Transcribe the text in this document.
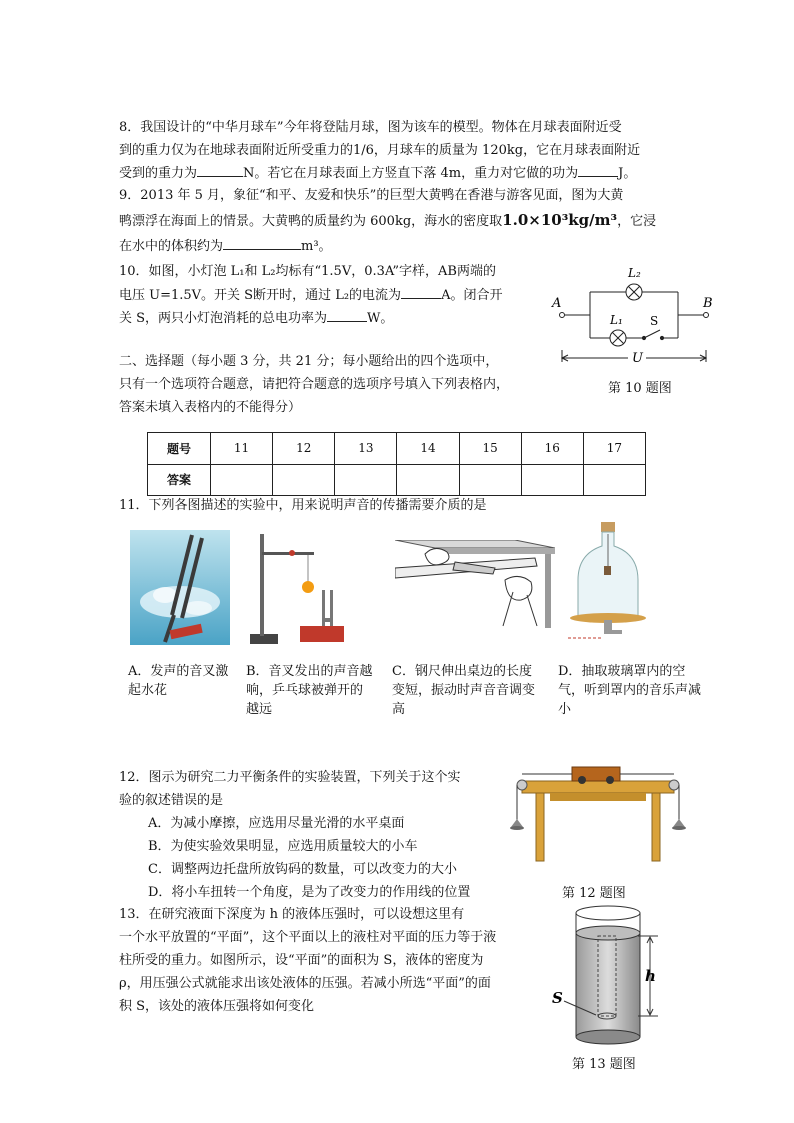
8．我国设计的“中华月球车”今年将登陆月球，图为该车的模型。物体在月球表面附近受
到的重力仅为在地球表面附近所受重力的1/6，月球车的质量为 120kg，它在月球表面附近
受到的重力为	N。若它在月球表面上方竖直下落 4m，重力对它做的功为	J。
9．2013 年 5 月，象征“和平、友爱和快乐”的巨型大黄鸭在香港与游客见面，图为大黄
鸭漂浮在海面上的情景。大黄鸭的质量约为 600kg，海水的密度取1.0×10³kg/m³，它浸
在水中的体积约为	m³。
10．如图，小灯泡 L₁和 L₂均标有“1.5V，0.3A”字样，AB两端的
电压 U=1.5V。开关 S断开时，通过 L₂的电流为	A。闭合开
关 S，两只小灯泡消耗的总电功率为	W。
A	B
L₂
L₁ S
U
第 10 题图
二、选择题（每小题 3 分，共 21 分；每小题给出的四个选项中，
只有一个选项符合题意，请把符合题意的选项序号填入下列表格内，
答案未填入表格内的不能得分）
题号	11	12	13	14	15	16	17
答案							
11．下列各图描述的实验中，用来说明声音的传播需要介质的是
A．发声的音叉激起水花
B．音叉发出的声音越响，乒乓球被弹开的越远
C．钢尺伸出桌边的长度变短，振动时声音音调变高
D．抽取玻璃罩内的空气，听到罩内的音乐声减小
12．图示为研究二力平衡条件的实验装置，下列关于这个实
验的叙述错误的是
A．为减小摩擦，应选用尽量光滑的水平桌面
B．为使实验效果明显，应选用质量较大的小车
C．调整两边托盘所放钩码的数量，可以改变力的大小
D．将小车扭转一个角度，是为了改变力的作用线的位置	第 12 题图
13．在研究液面下深度为 h 的液体压强时，可以设想这里有
一个水平放置的“平面”，这个平面以上的液柱对平面的压力等于液
柱所受的重力。如图所示，设“平面”的面积为 S，液体的密度为
ρ，用压强公式就能求出该处液体的压强。若减小所选“平面”的面
积 S，该处的液体压强将如何变化
h
S
第 13 题图
